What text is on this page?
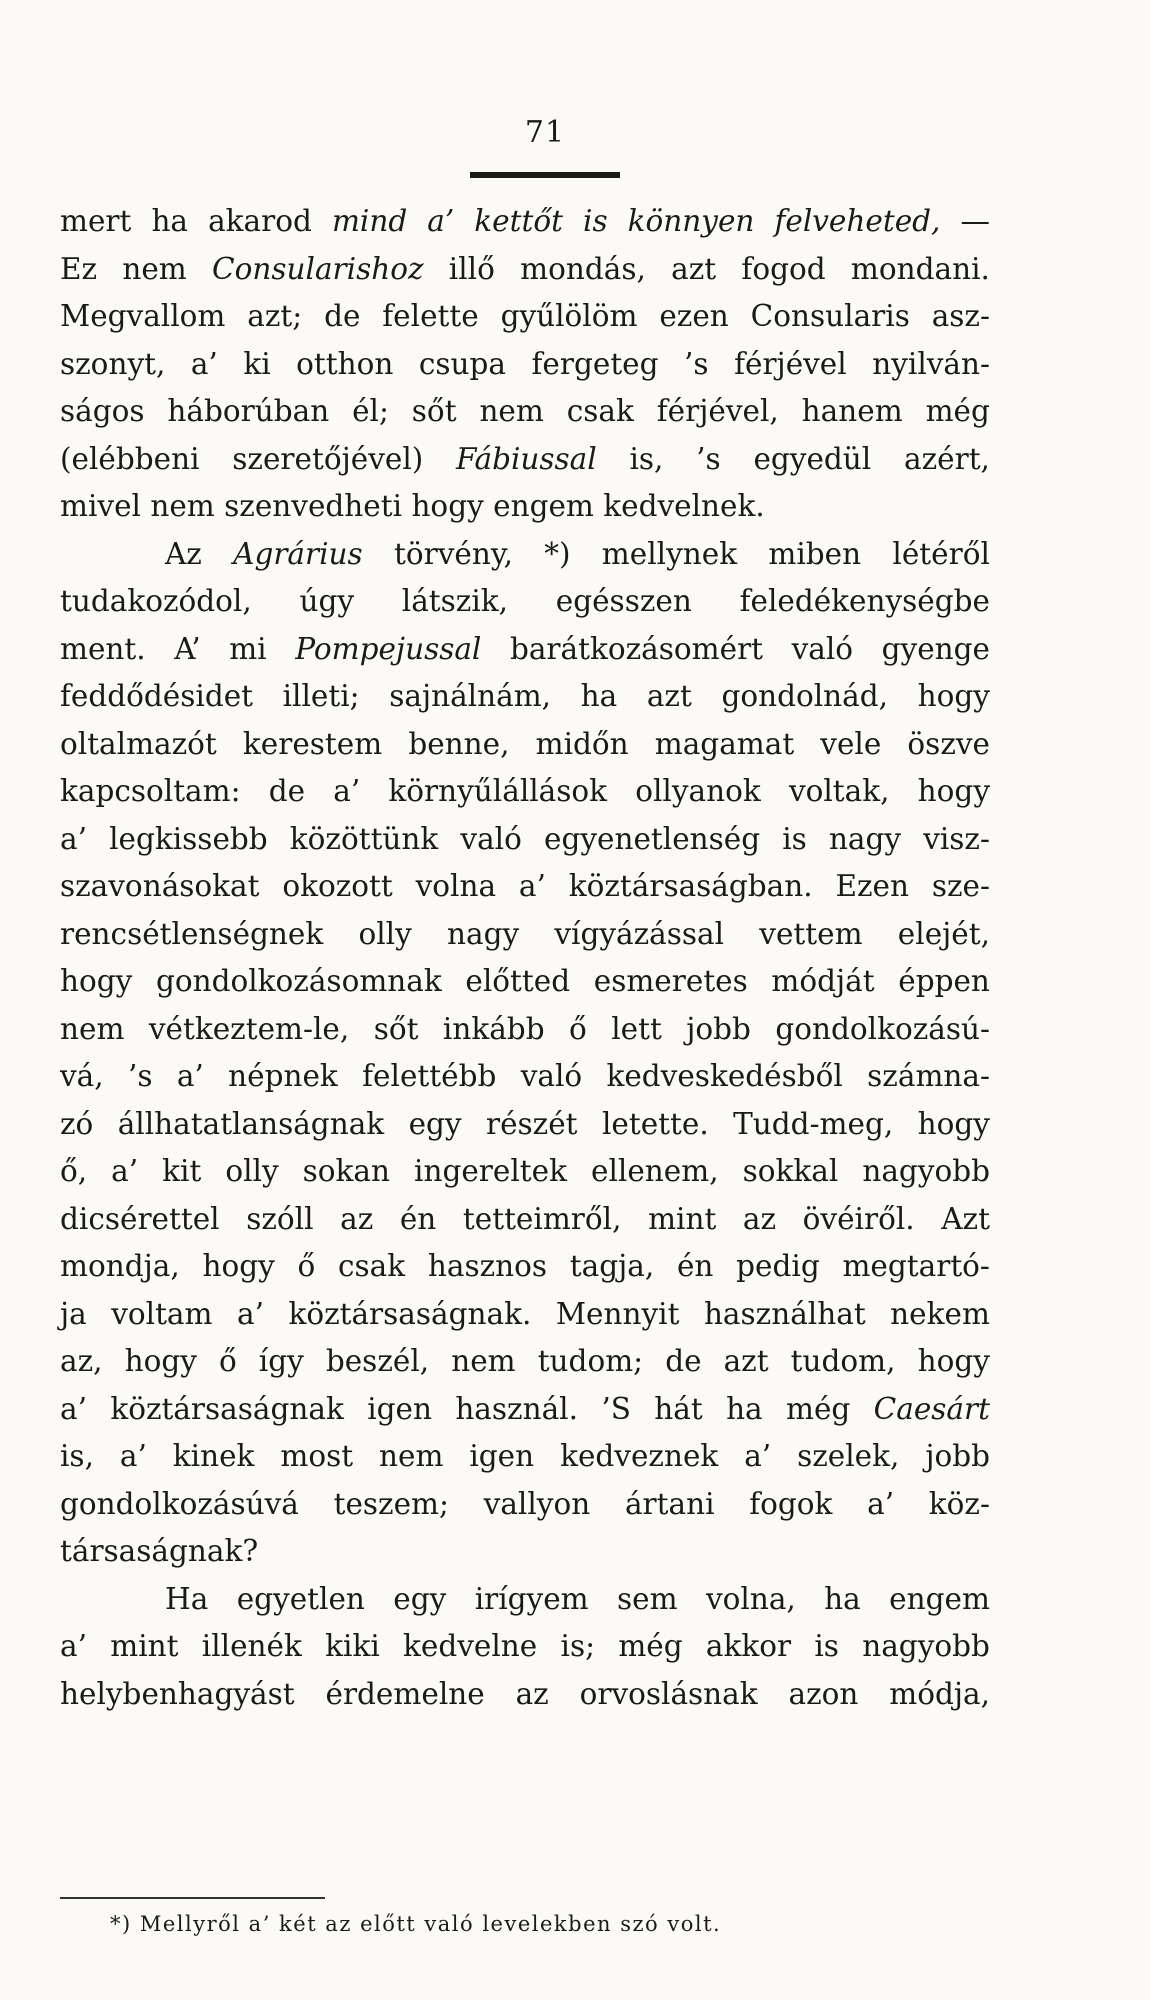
71
mert ha akarod mind a’ kettőt is könnyen felveheted, —
Ez nem Consularishoz illő mondás, azt fogod mondani.
Megvallom azt; de felette gyűlölöm ezen Consularis asz-
szonyt, a’ ki otthon csupa fergeteg ’s férjével nyilván-
ságos háborúban él; sőt nem csak férjével, hanem még
(elébbeni szeretőjével) Fábiussal is, ’s egyedül azért,
mivel nem szenvedheti hogy engem kedvelnek.
Az Agrárius törvény, *) mellynek miben létéről
tudakozódol, úgy látszik, egésszen feledékenységbe
ment. A’ mi Pompejussal barátkozásomért való gyenge
feddődésidet illeti; sajnálnám, ha azt gondolnád, hogy
oltalmazót kerestem benne, midőn magamat vele öszve
kapcsoltam: de a’ környűlállások ollyanok voltak, hogy
a’ legkissebb közöttünk való egyenetlenség is nagy visz-
szavonásokat okozott volna a’ köztársaságban. Ezen sze-
rencsétlenségnek olly nagy vígyázással vettem elejét,
hogy gondolkozásomnak előtted esmeretes módját éppen
nem vétkeztem-le, sőt inkább ő lett jobb gondolkozású-
vá, ’s a’ népnek felettébb való kedveskedésből számna-
zó állhatatlanságnak egy részét letette. Tudd-meg, hogy
ő, a’ kit olly sokan ingereltek ellenem, sokkal nagyobb
dicsérettel szóll az én tetteimről, mint az övéiről. Azt
mondja, hogy ő csak hasznos tagja, én pedig megtartó-
ja voltam a’ köztársaságnak. Mennyit használhat nekem
az, hogy ő így beszél, nem tudom; de azt tudom, hogy
a’ köztársaságnak igen használ. ’S hát ha még Caesárt
is, a’ kinek most nem igen kedveznek a’ szelek, jobb
gondolkozásúvá teszem; vallyon ártani fogok a’ köz-
társaságnak?
Ha egyetlen egy irígyem sem volna, ha engem
a’ mint illenék kiki kedvelne is; még akkor is nagyobb
helybenhagyást érdemelne az orvoslásnak azon módja,
*) Mellyről a’ két az előtt való levelekben szó volt.
